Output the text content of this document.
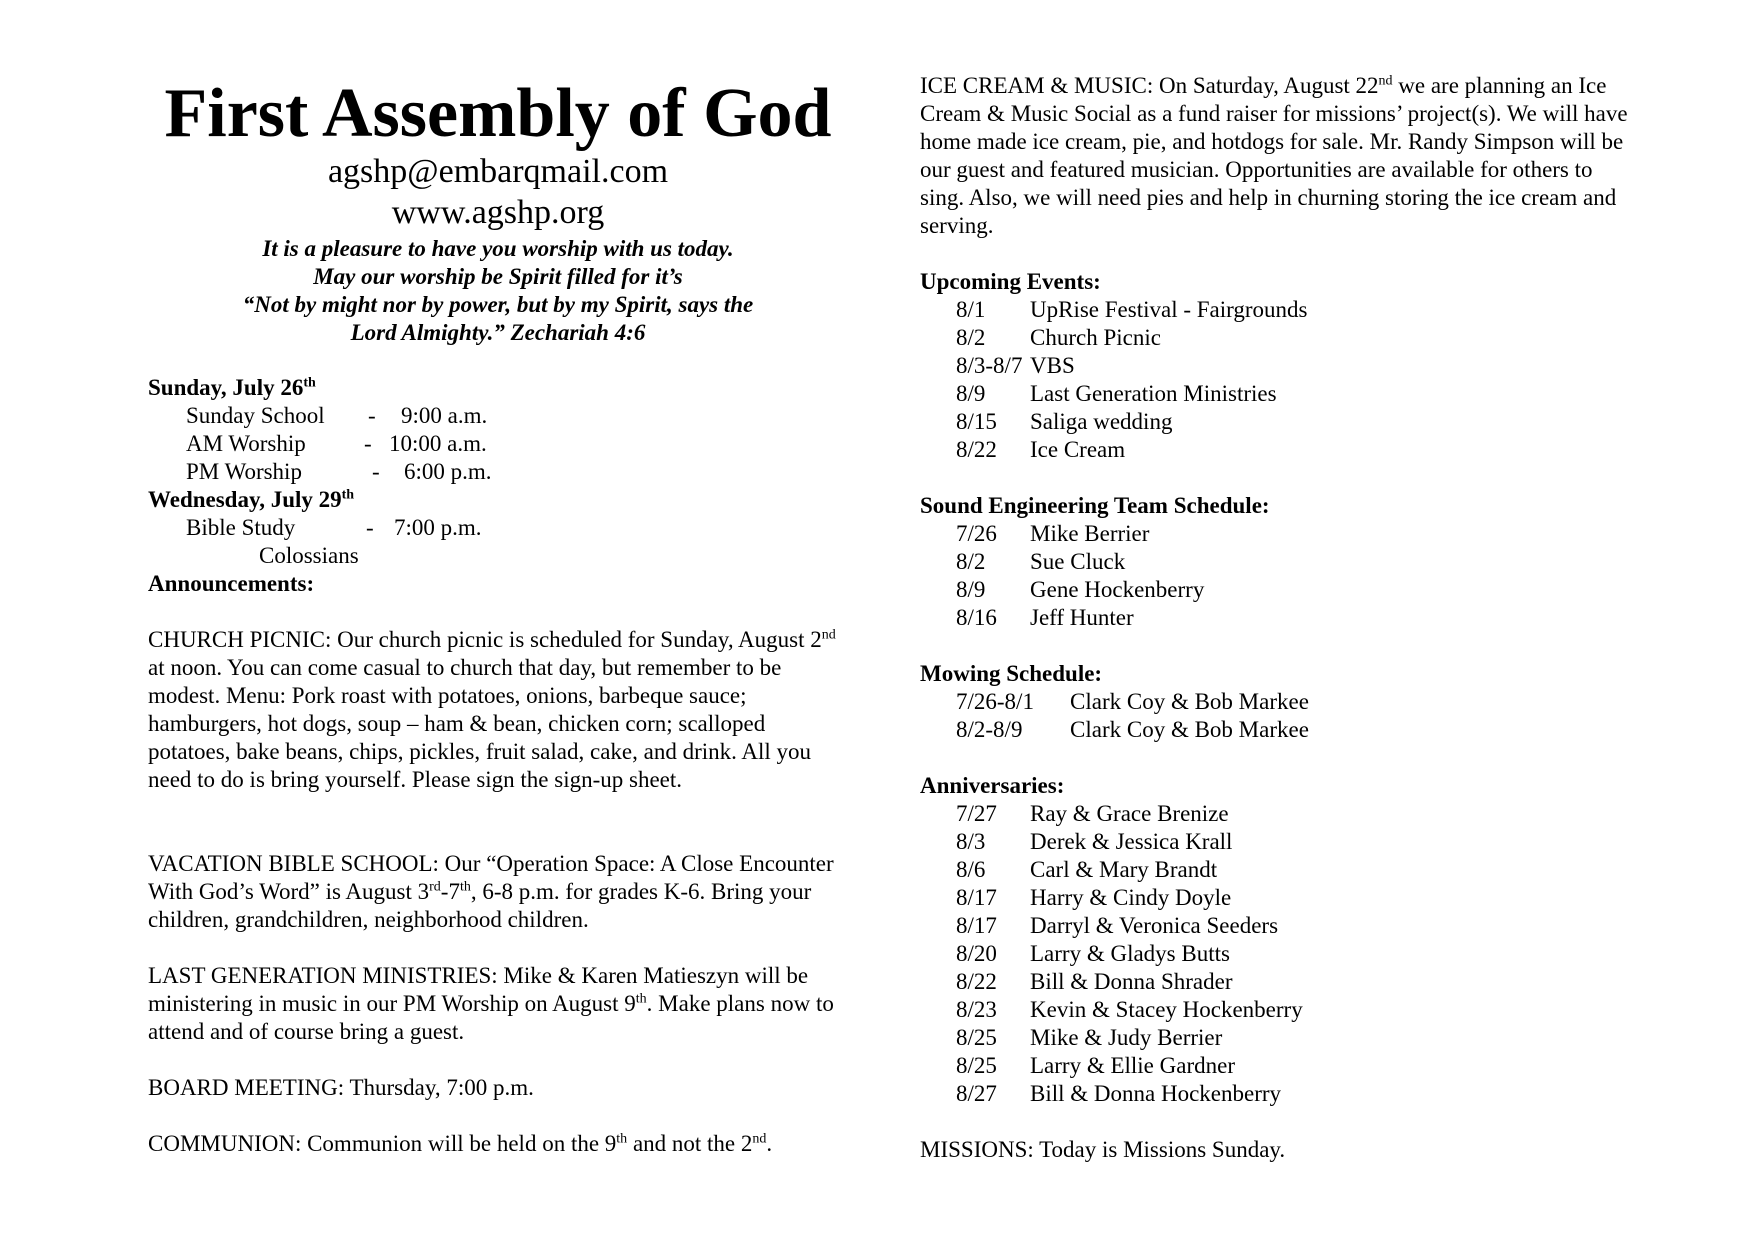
First Assembly of God
agshp@embarqmail.com
www.agshp.org
It is a pleasure to have you worship with us today.
May our worship be Spirit filled for it’s
“Not by might nor by power, but by my Spirit, says the
Lord Almighty.” Zechariah 4:6
Sunday, July 26th
Sunday School - 9:00 a.m.
AM Worship	- 10:00 a.m.
PM Worship	- 6:00 p.m.
Wednesday, July 29th
Bible Study	- 7:00 p.m.
Colossians
Announcements:
CHURCH PICNIC: Our church picnic is scheduled for Sunday, August 2nd at noon. You can come casual to church that day, but remember to be modest. Menu: Pork roast with potatoes, onions, barbeque sauce; hamburgers, hot dogs, soup – ham & bean, chicken corn; scalloped potatoes, bake beans, chips, pickles, fruit salad, cake, and drink. All you need to do is bring yourself. Please sign the sign-up sheet.
VACATION BIBLE SCHOOL: Our “Operation Space: A Close Encounter With God’s Word” is August 3rd-7th, 6-8 p.m. for grades K-6. Bring your children, grandchildren, neighborhood children.
LAST GENERATION MINISTRIES: Mike & Karen Matieszyn will be ministering in music in our PM Worship on August 9th. Make plans now to attend and of course bring a guest.
BOARD MEETING: Thursday, 7:00 p.m.
COMMUNION: Communion will be held on the 9th and not the 2nd.
ICE CREAM & MUSIC: On Saturday, August 22nd we are planning an Ice Cream & Music Social as a fund raiser for missions’ project(s). We will have home made ice cream, pie, and hotdogs for sale. Mr. Randy Simpson will be our guest and featured musician. Opportunities are available for others to sing. Also, we will need pies and help in churning storing the ice cream and serving.
Upcoming Events:
8/1 UpRise Festival - Fairgrounds
8/2 Church Picnic
8/3-8/7 VBS
8/9 Last Generation Ministries
8/15 Saliga wedding
8/22 Ice Cream
Sound Engineering Team Schedule:
7/26 Mike Berrier
8/2 Sue Cluck
8/9 Gene Hockenberry
8/16 Jeff Hunter
Mowing Schedule:
7/26-8/1 Clark Coy & Bob Markee
8/2-8/9 Clark Coy & Bob Markee
Anniversaries:
7/27 Ray & Grace Brenize
8/3 Derek & Jessica Krall
8/6 Carl & Mary Brandt
8/17 Harry & Cindy Doyle
8/17 Darryl & Veronica Seeders
8/20 Larry & Gladys Butts
8/22 Bill & Donna Shrader
8/23 Kevin & Stacey Hockenberry
8/25 Mike & Judy Berrier
8/25 Larry & Ellie Gardner
8/27 Bill & Donna Hockenberry
MISSIONS: Today is Missions Sunday.
